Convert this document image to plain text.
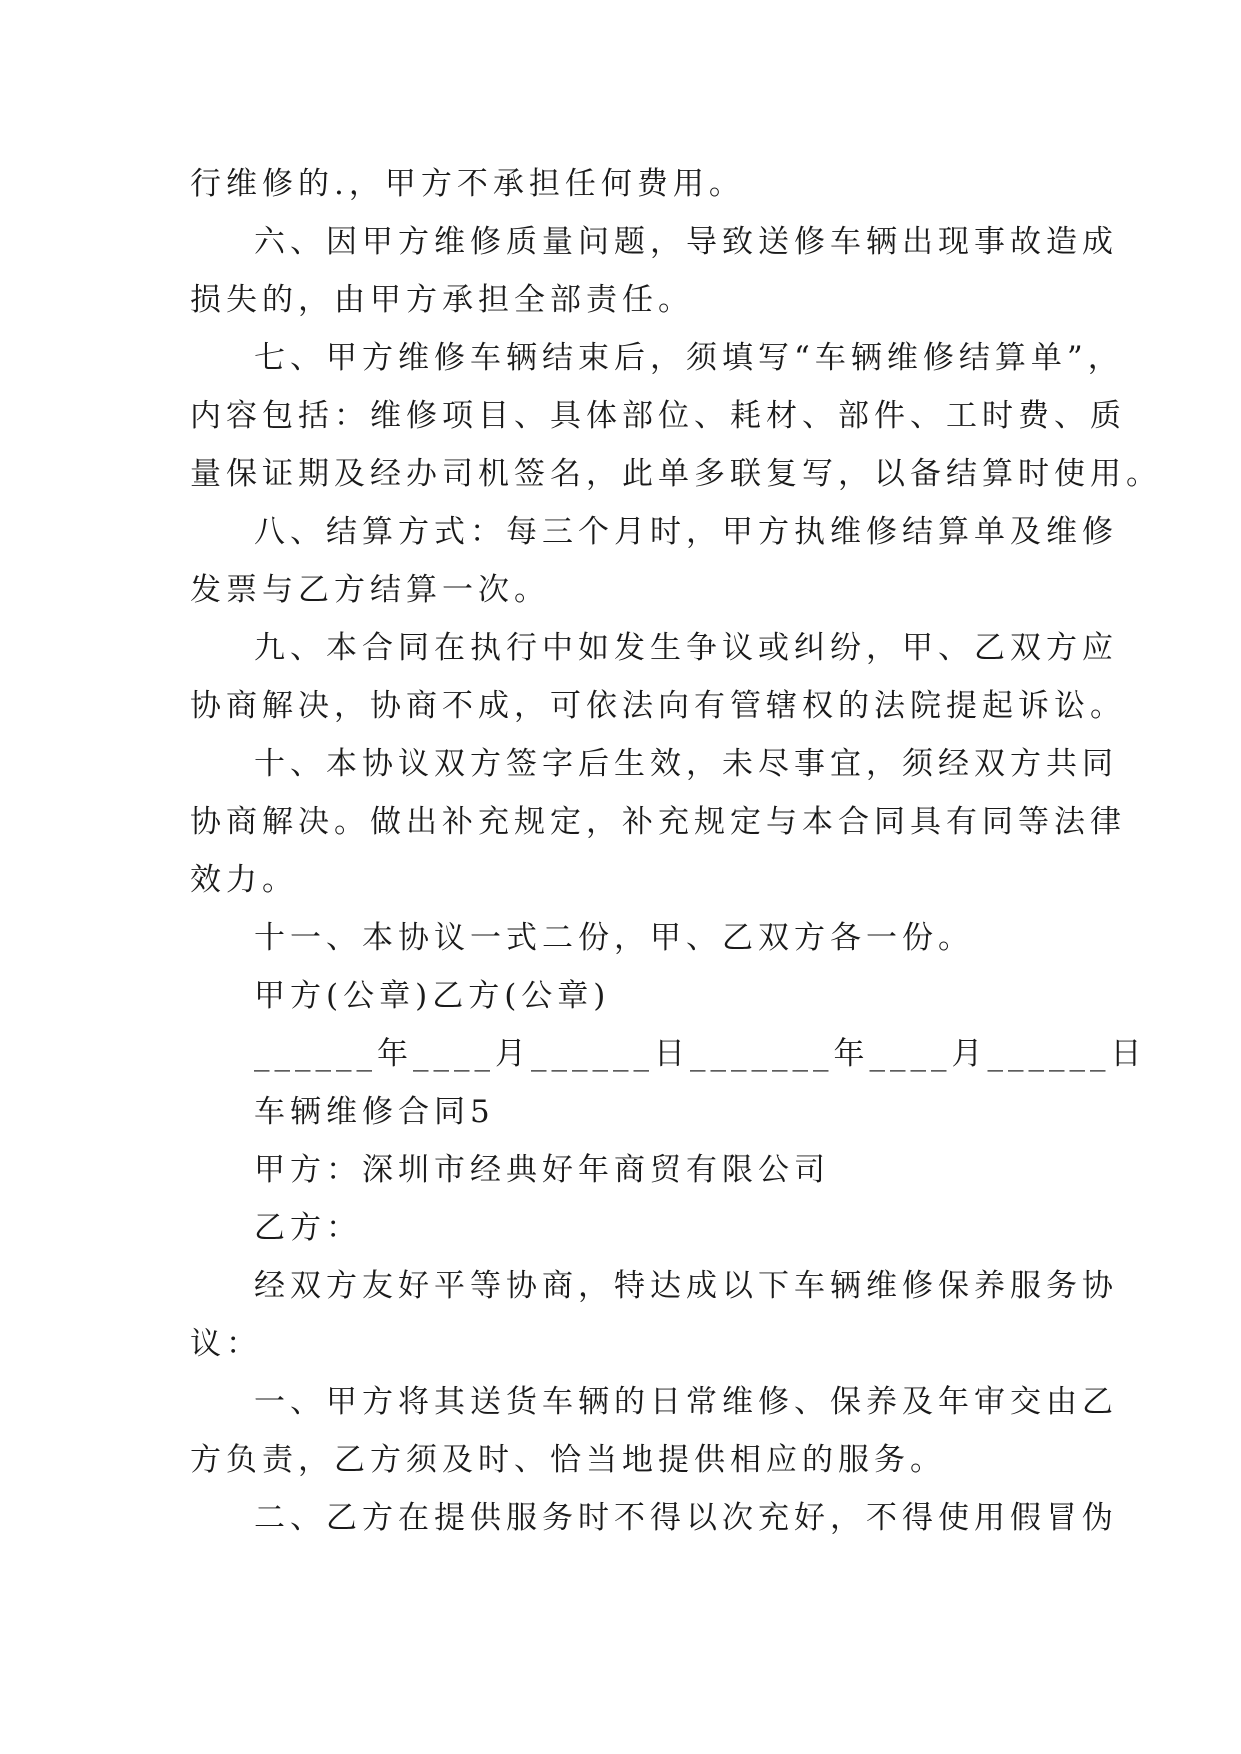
行维修的.，甲方不承担任何费用。
六、因甲方维修质量问题，导致送修车辆出现事故造成
损失的，由甲方承担全部责任。
七、甲方维修车辆结束后，须填写“车辆维修结算单”，
内容包括：维修项目、具体部位、耗材、部件、工时费、质
量保证期及经办司机签名，此单多联复写，以备结算时使用。
八、结算方式：每三个月时，甲方执维修结算单及维修
发票与乙方结算一次。
九、本合同在执行中如发生争议或纠纷，甲、乙双方应
协商解决，协商不成，可依法向有管辖权的法院提起诉讼。
十、本协议双方签字后生效，未尽事宜，须经双方共同
协商解决。做出补充规定，补充规定与本合同具有同等法律
效力。
十一、本协议一式二份，甲、乙双方各一份。
甲方(公章)乙方(公章)
______年____月______日_______年____月______日
车辆维修合同5
甲方：深圳市经典好年商贸有限公司
乙方：
经双方友好平等协商，特达成以下车辆维修保养服务协
议：
一、甲方将其送货车辆的日常维修、保养及年审交由乙
方负责，乙方须及时、恰当地提供相应的服务。
二、乙方在提供服务时不得以次充好，不得使用假冒伪
